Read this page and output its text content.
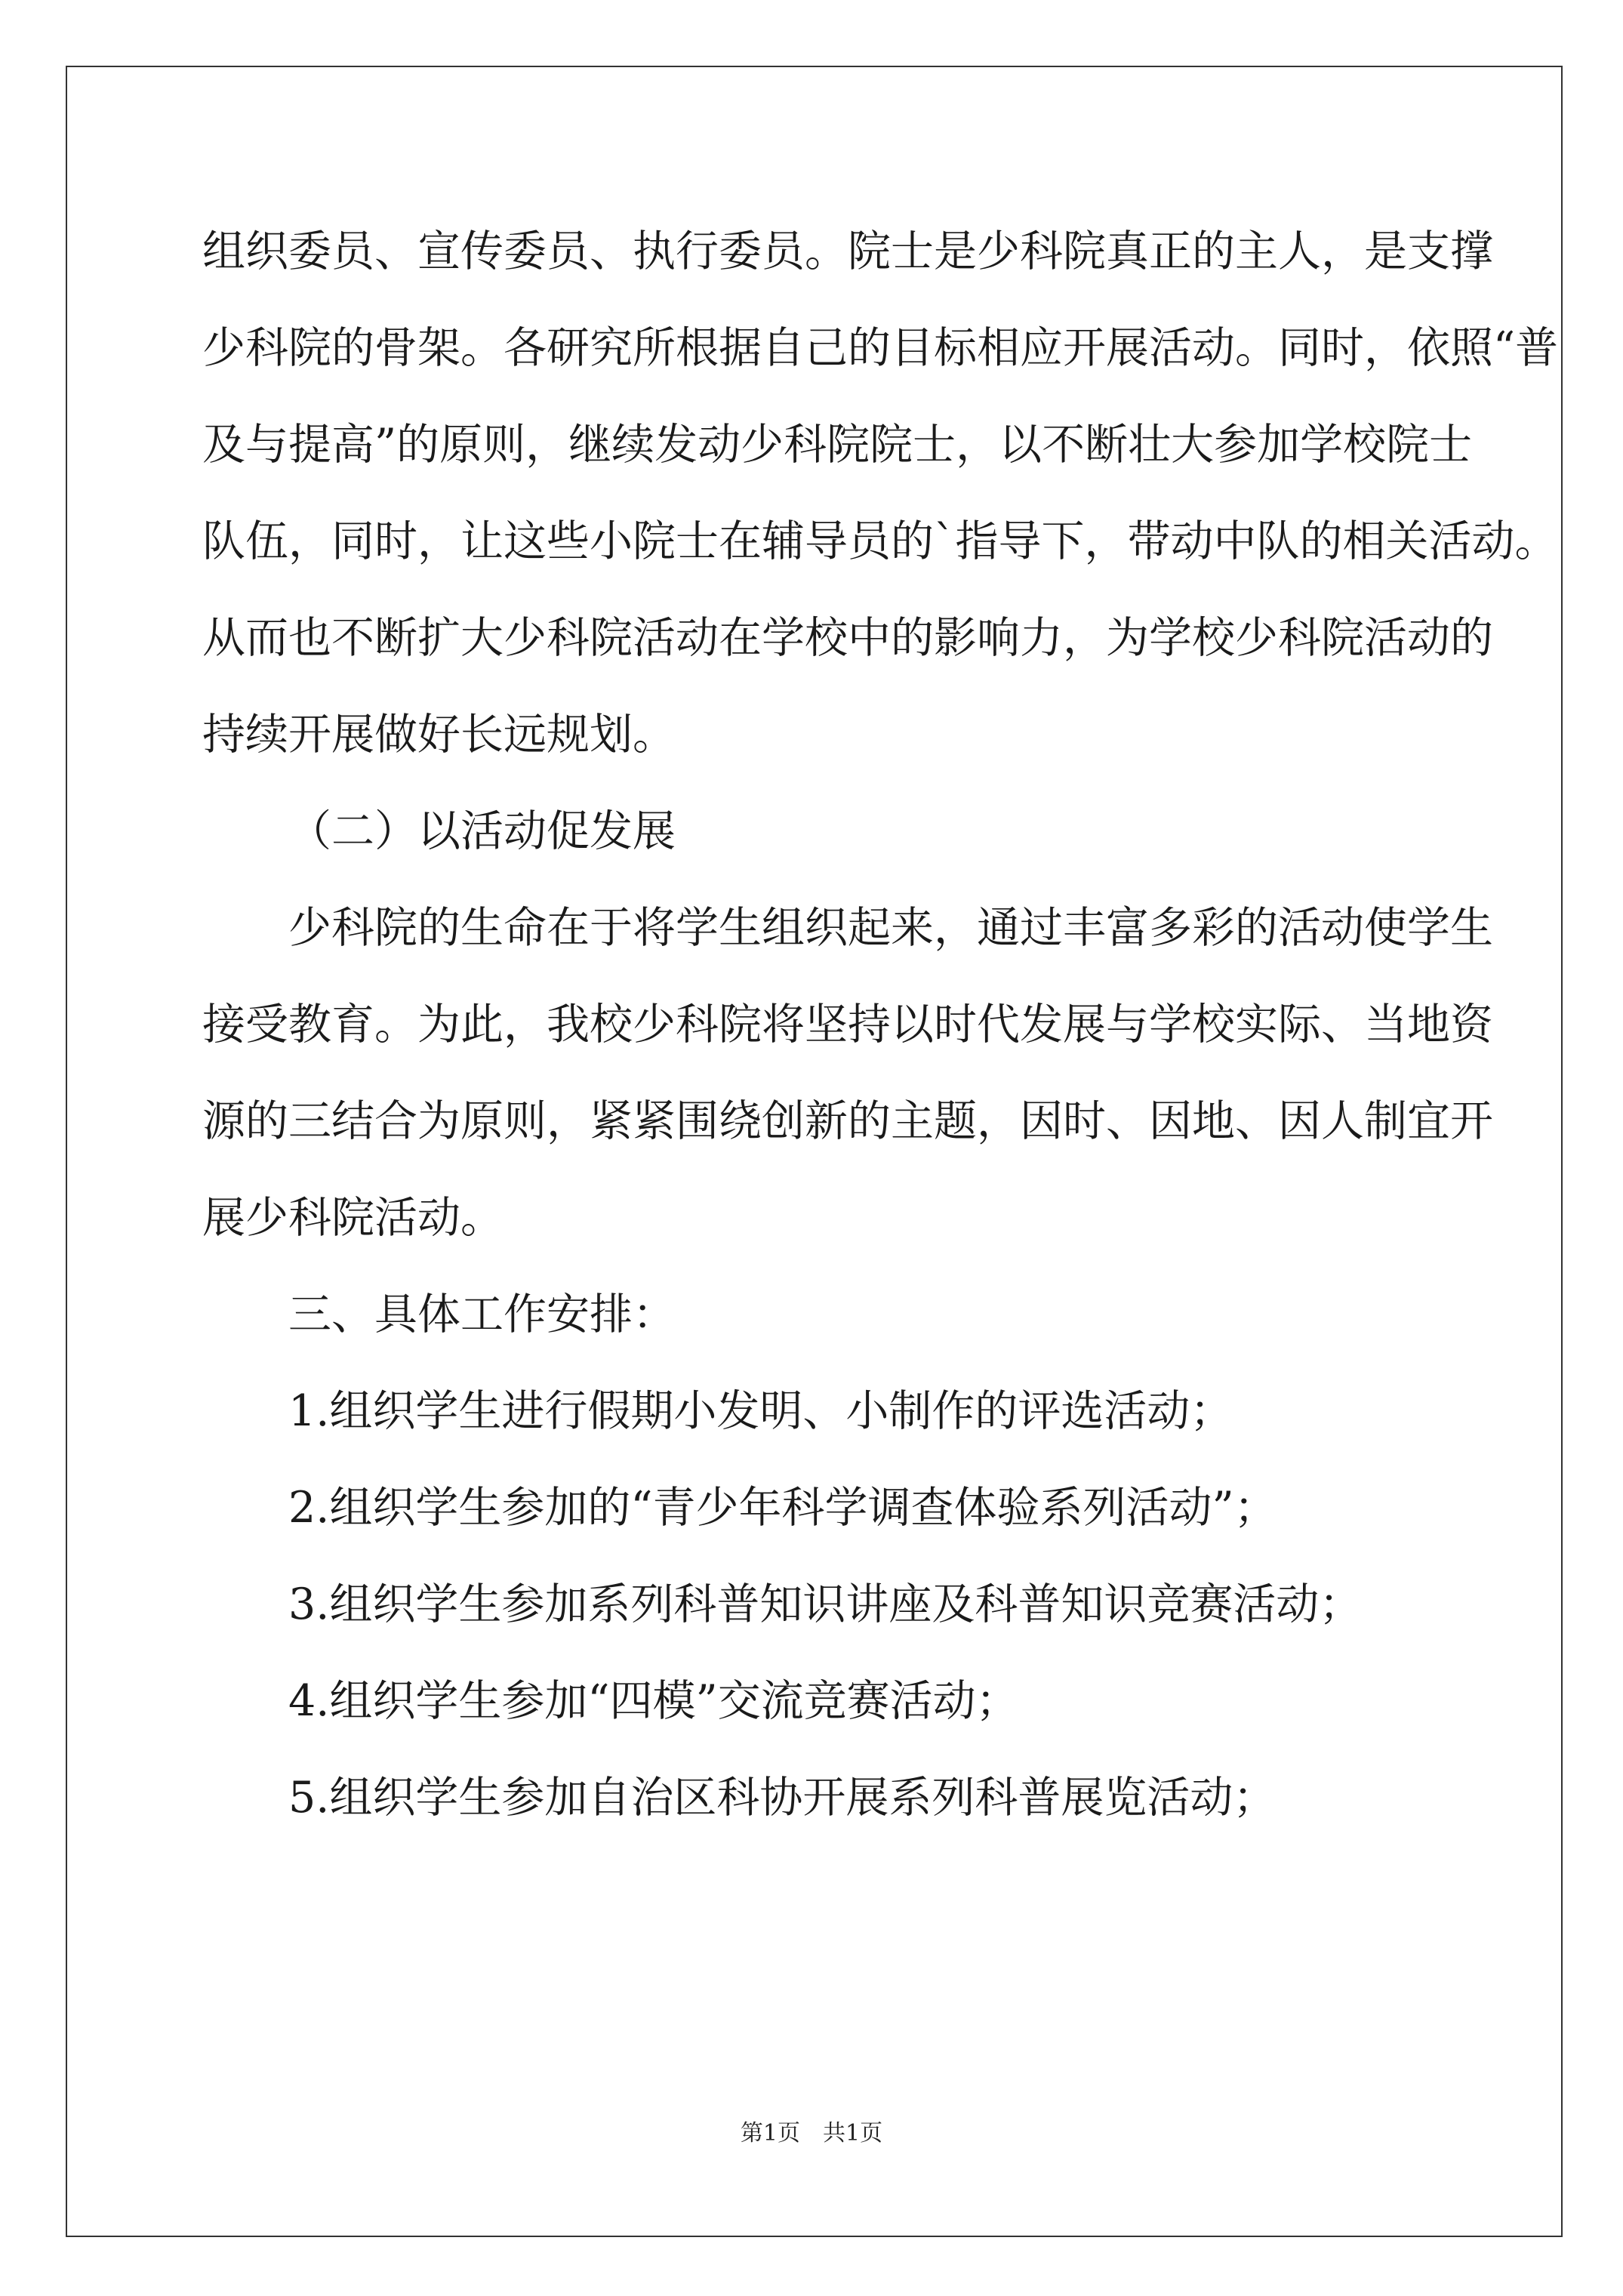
组织委员、宣传委员、执行委员。院士是少科院真正的主人，是支撑
少科院的骨架。各研究所根据自己的目标相应开展活动。同时，依照“普
及与提高”的原则，继续发动少科院院士，以不断壮大参加学校院士
队伍，同时，让这些小院士在辅导员的`指导下，带动中队的相关活动。
从而也不断扩大少科院活动在学校中的影响力，为学校少科院活动的
持续开展做好长远规划。
（二）以活动促发展
少科院的生命在于将学生组织起来，通过丰富多彩的活动使学生
接受教育。为此，我校少科院将坚持以时代发展与学校实际、当地资
源的三结合为原则，紧紧围绕创新的主题，因时、因地、因人制宜开
展少科院活动。
三、具体工作安排：
1.组织学生进行假期小发明、小制作的评选活动；
2.组织学生参加的“青少年科学调查体验系列活动”；
3.组织学生参加系列科普知识讲座及科普知识竞赛活动；
4.组织学生参加“四模”交流竞赛活动；
5.组织学生参加自治区科协开展系列科普展览活动；
第1页 共1页
